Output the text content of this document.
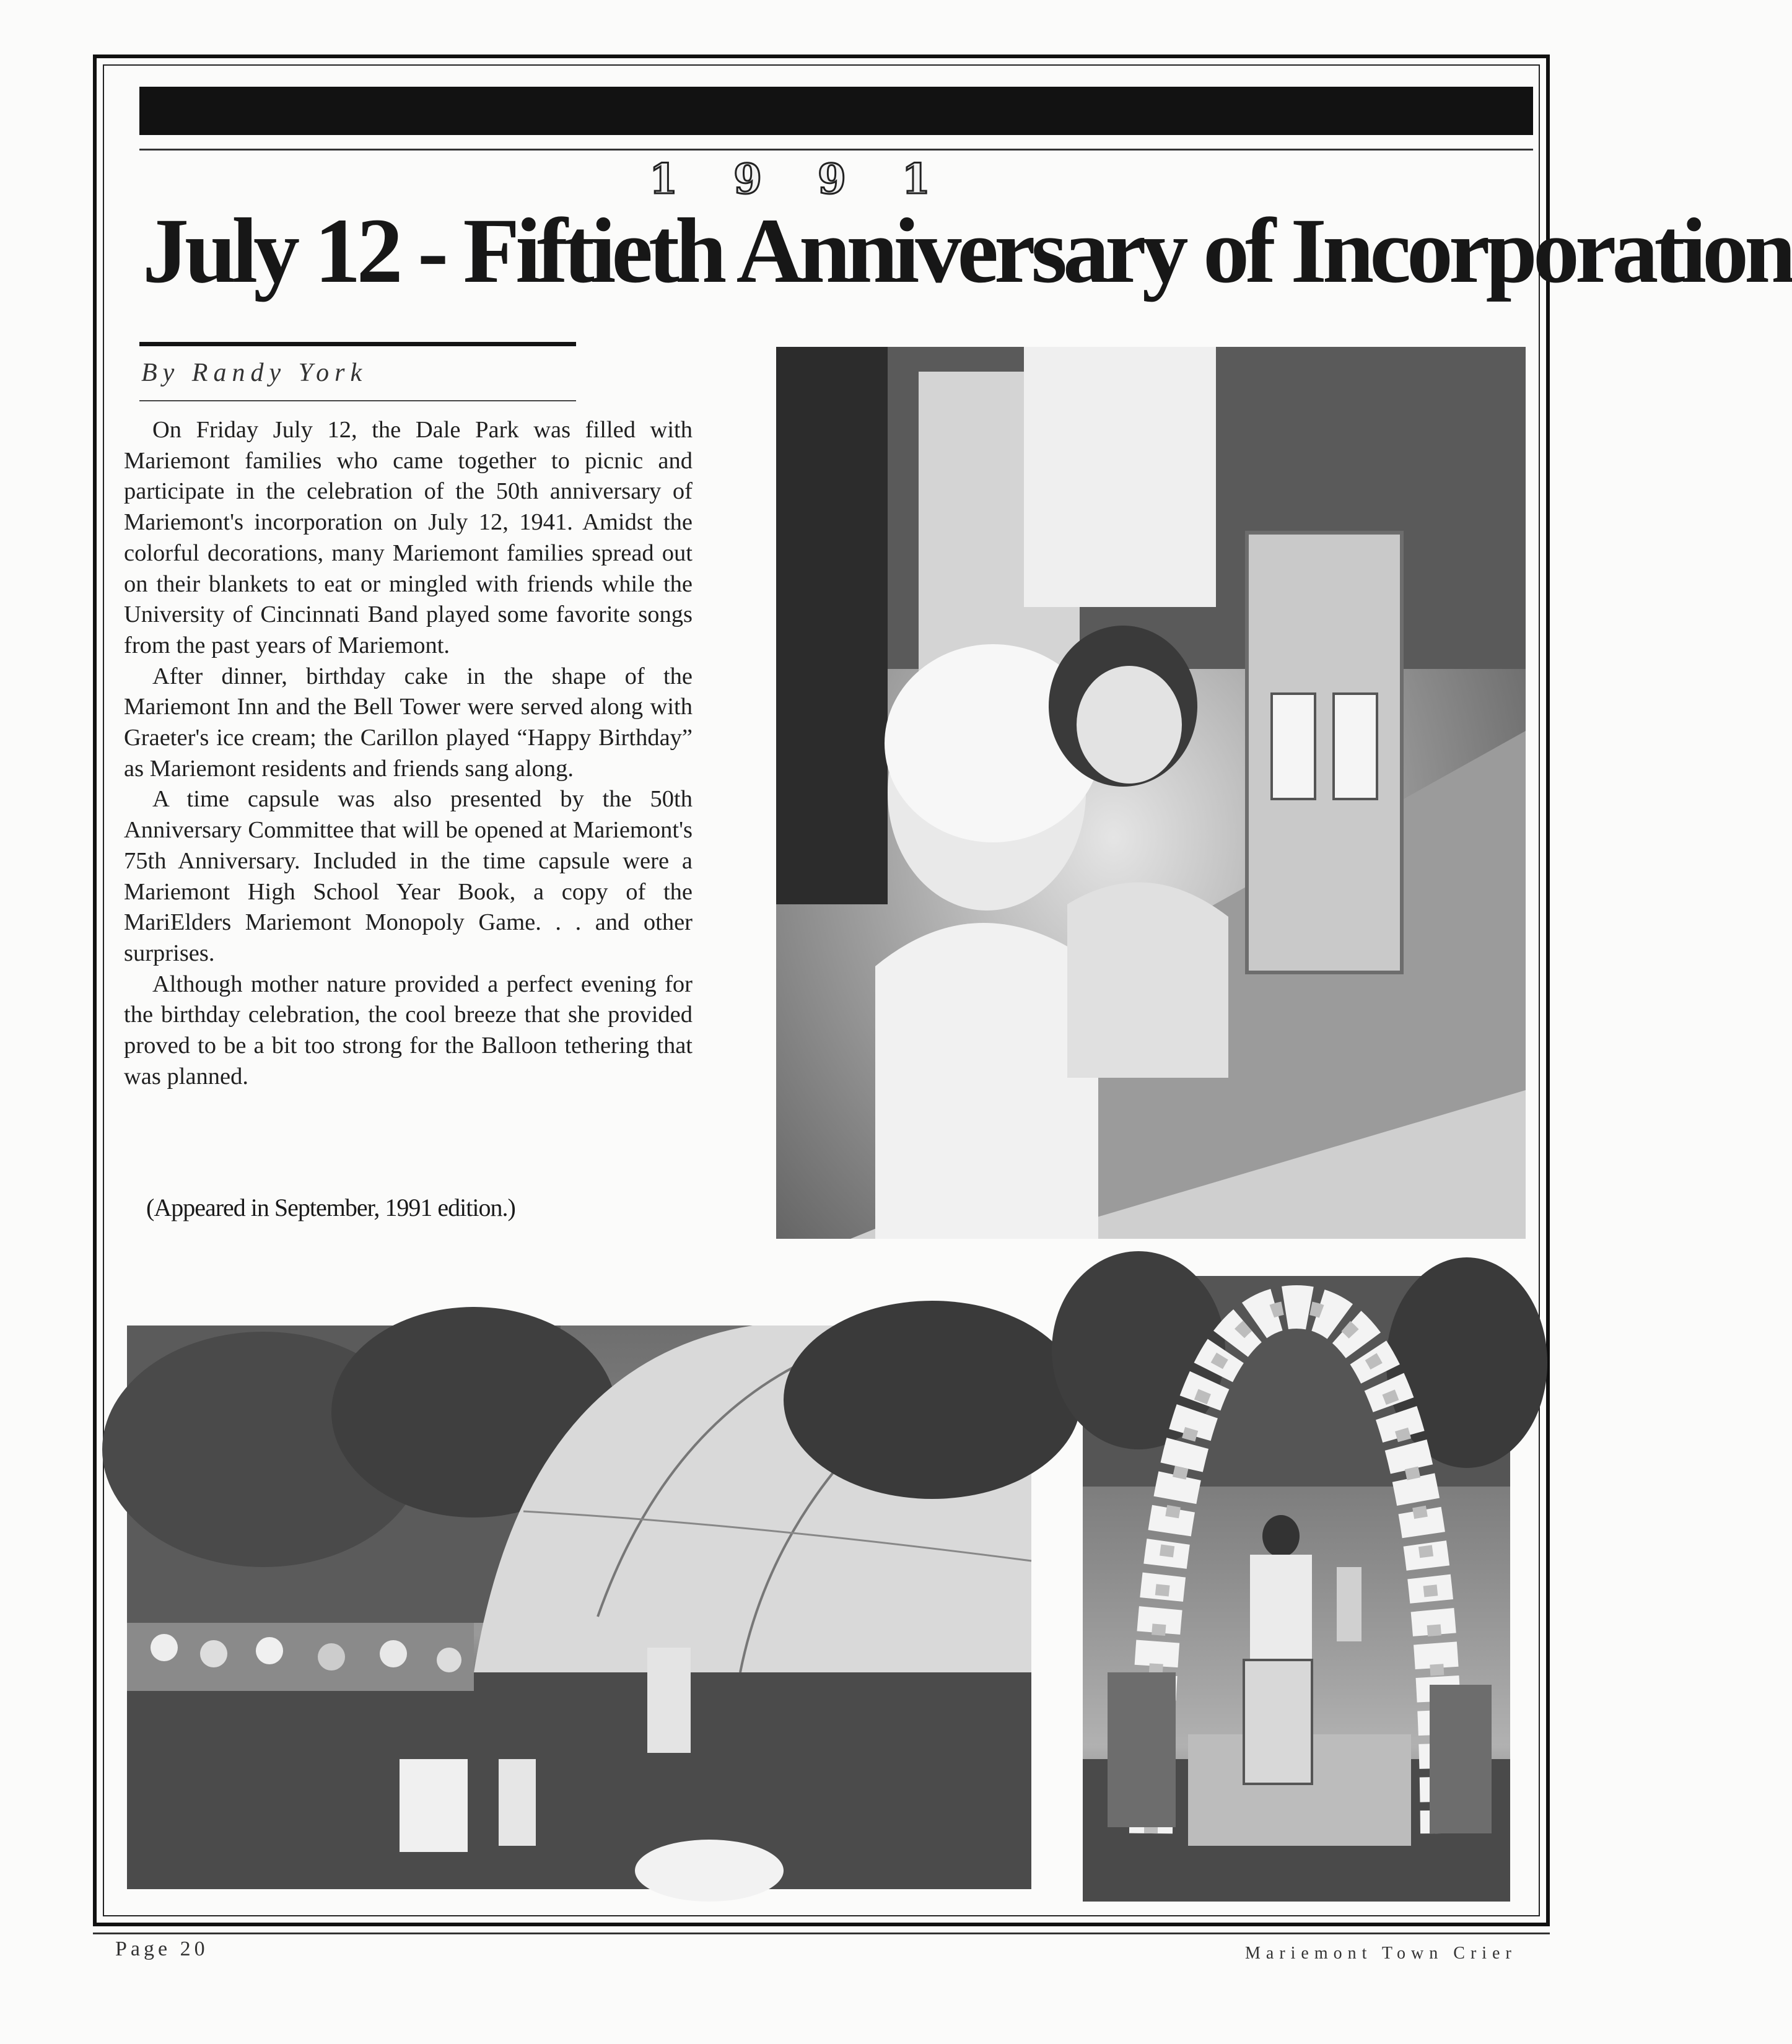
1991
July 12 - Fiftieth Anniversary of Incorporation
By Randy York

On Friday July 12, the Dale Park was filled with Mariemont families who came together to picnic and participate in the celebration of the 50th anniversary of Mariemont's incorporation on July 12, 1941. Amidst the colorful decorations, many Mariemont families spread out on their blankets to eat or mingled with friends while the University of Cincinnati Band played some favorite songs from the past years of Mariemont.

After dinner, birthday cake in the shape of the Mariemont Inn and the Bell Tower were served along with Graeter's ice cream; the Carillon played “Happy Birthday” as Mariemont residents and friends sang along.

A time capsule was also presented by the 50th Anniversary Committee that will be opened at Mariemont's 75th Anniversary. Included in the time capsule were a Mariemont High School Year Book, a copy of the MariElders Mariemont Monopoly Game. . . and other surprises.

Although mother nature provided a perfect evening for the birthday celebration, the cool breeze that she provided proved to be a bit too strong for the Balloon tethering that was planned.

(Appeared in September, 1991 edition.)
Page 20	Mariemont Town Crier
